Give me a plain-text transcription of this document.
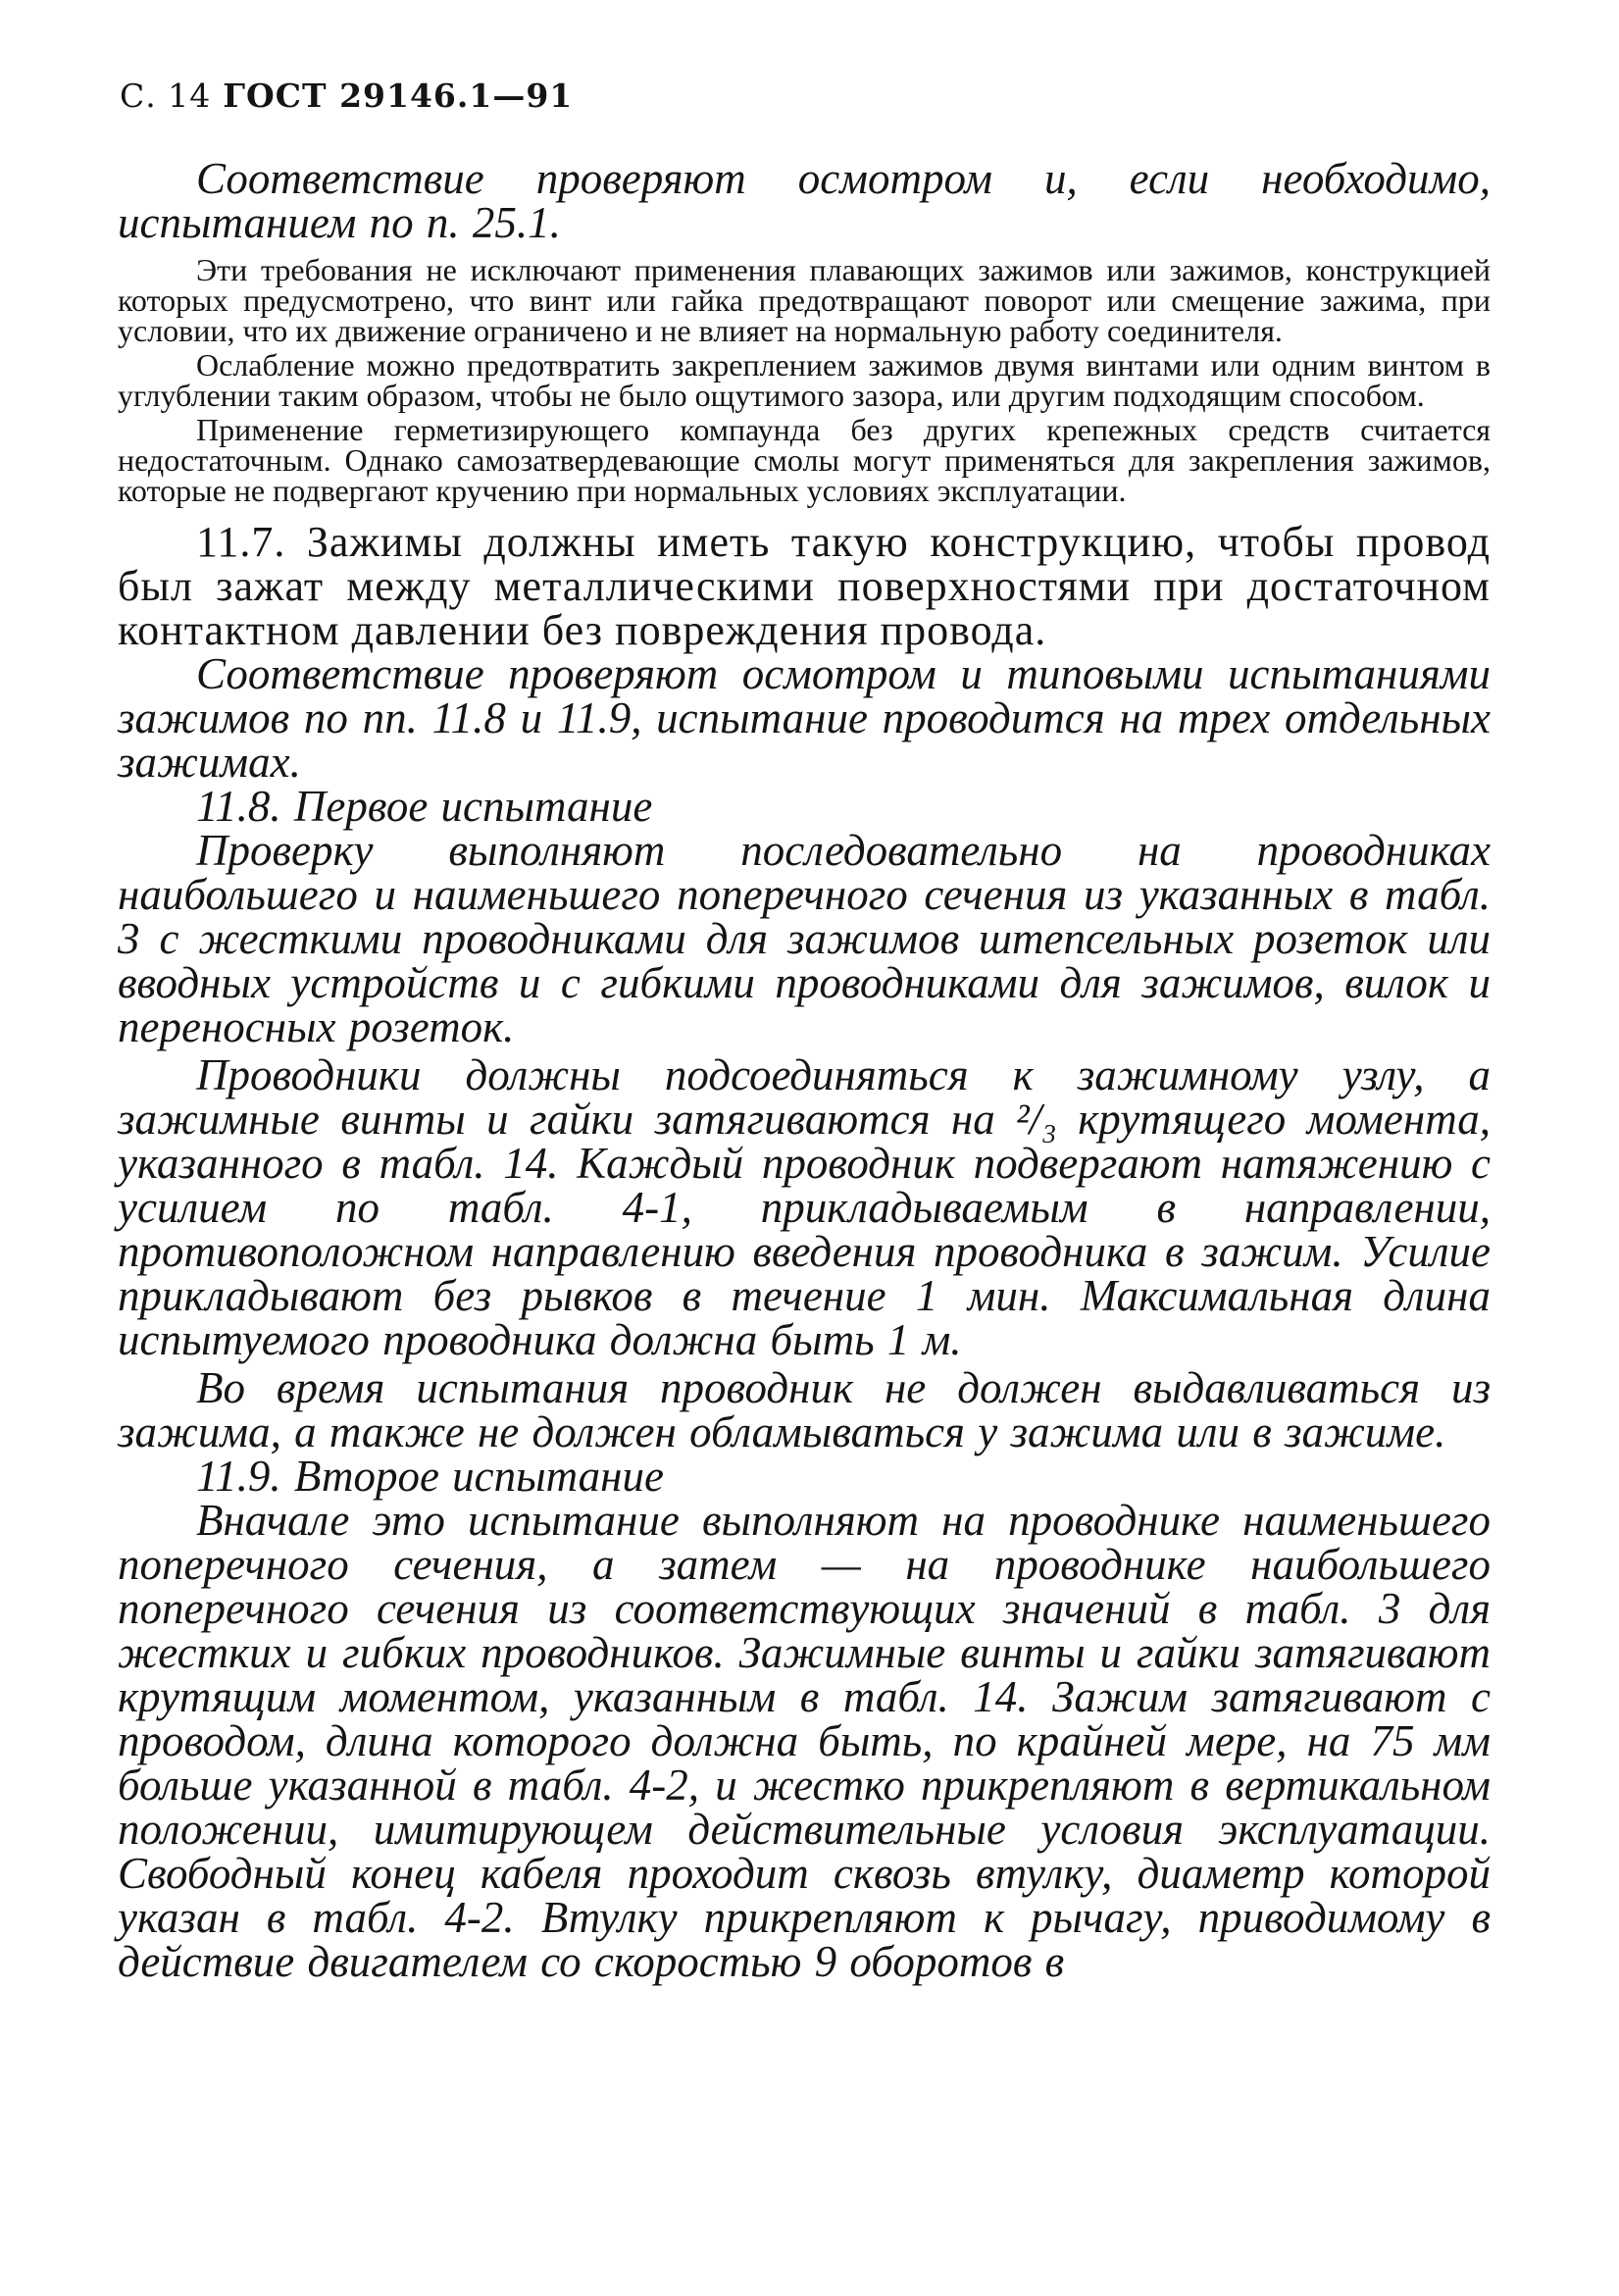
С. 14 ГОСТ 29146.1—91

Соответствие проверяют осмотром и, если необходимо, испытанием по п. 25.1.

Эти требования не исключают применения плавающих зажимов или зажимов, конструкцией которых предусмотрено, что винт или гайка предотвращают поворот или смещение зажима, при условии, что их движение ограничено и не влияет на нормальную работу соединителя.

Ослабление можно предотвратить закреплением зажимов двумя винтами или одним винтом в углублении таким образом, чтобы не было ощутимого зазора, или другим подходящим способом.

Применение герметизирующего компаунда без других крепежных средств считается недостаточным. Однако самозатвердевающие смолы могут применяться для закрепления зажимов, которые не подвергают кручению при нормальных условиях эксплуатации.

11.7. Зажимы должны иметь такую конструкцию, чтобы провод был зажат между металлическими поверхностями при достаточном контактном давлении без повреждения провода.

Соответствие проверяют осмотром и типовыми испытаниями зажимов по пп. 11.8 и 11.9, испытание проводится на трех отдельных зажимах.

11.8. Первое испытание

Проверку выполняют последовательно на проводниках наибольшего и наименьшего поперечного сечения из указанных в табл. 3 с жесткими проводниками для зажимов штепсельных розеток или вводных устройств и с гибкими проводниками для зажимов, вилок и переносных розеток.

Проводники должны подсоединяться к зажимному узлу, а зажимные винты и гайки затягиваются на ²/₃ крутящего момента, указанного в табл. 14. Каждый проводник подвергают натяжению с усилием по табл. 4-1, прикладываемым в направлении, противоположном направлению введения проводника в зажим. Усилие прикладывают без рывков в течение 1 мин. Максимальная длина испытуемого проводника должна быть 1 м.

Во время испытания проводник не должен выдавливаться из зажима, а также не должен обламываться у зажима или в зажиме.

11.9. Второе испытание

Вначале это испытание выполняют на проводнике наименьшего поперечного сечения, а затем — на проводнике наибольшего поперечного сечения из соответствующих значений в табл. 3 для жестких и гибких проводников. Зажимные винты и гайки затягивают крутящим моментом, указанным в табл. 14. Зажим затягивают с проводом, длина которого должна быть, по крайней мере, на 75 мм больше указанной в табл. 4-2, и жестко прикрепляют в вертикальном положении, имитирующем действительные условия эксплуатации. Свободный конец кабеля проходит сквозь втулку, диаметр которой указан в табл. 4-2. Втулку прикрепляют к рычагу, приводимому в действие двигателем со скоростью 9 оборотов в
